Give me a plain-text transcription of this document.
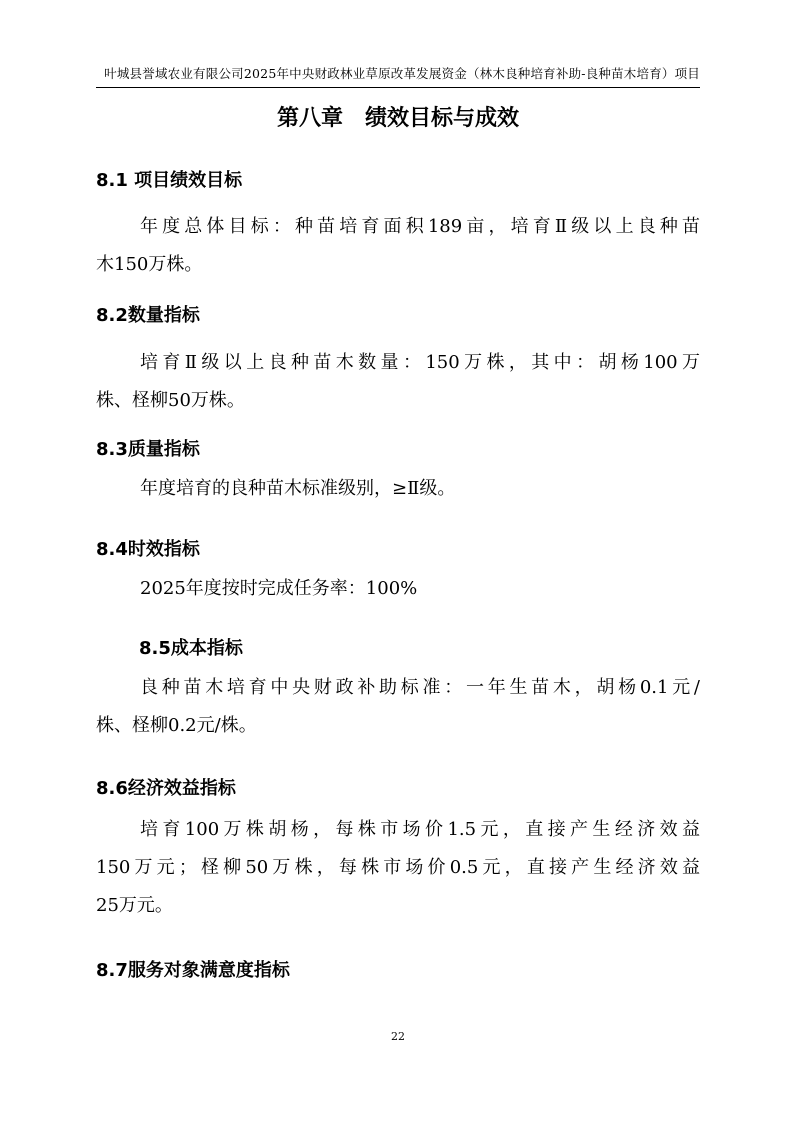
叶城县誉域农业有限公司2025年中央财政林业草原改革发展资金（林木良种培育补助-良种苗木培育）项目
第八章　绩效目标与成效
8.1 项目绩效目标
年度总体目标：种苗培育面积189亩，培育Ⅱ级以上良种苗
木150万株。
8.2数量指标
培育Ⅱ级以上良种苗木数量：150万株，其中：胡杨100万
株、柽柳50万株。
8.3质量指标
年度培育的良种苗木标准级别，≥Ⅱ级。
8.4时效指标
2025年度按时完成任务率：100%
8.5成本指标
良种苗木培育中央财政补助标准：一年生苗木，胡杨0.1元/
株、柽柳0.2元/株。
8.6经济效益指标
培育100万株胡杨，每株市场价1.5元，直接产生经济效益
150万元；柽柳50万株，每株市场价0.5元，直接产生经济效益
25万元。
8.7服务对象满意度指标
22
